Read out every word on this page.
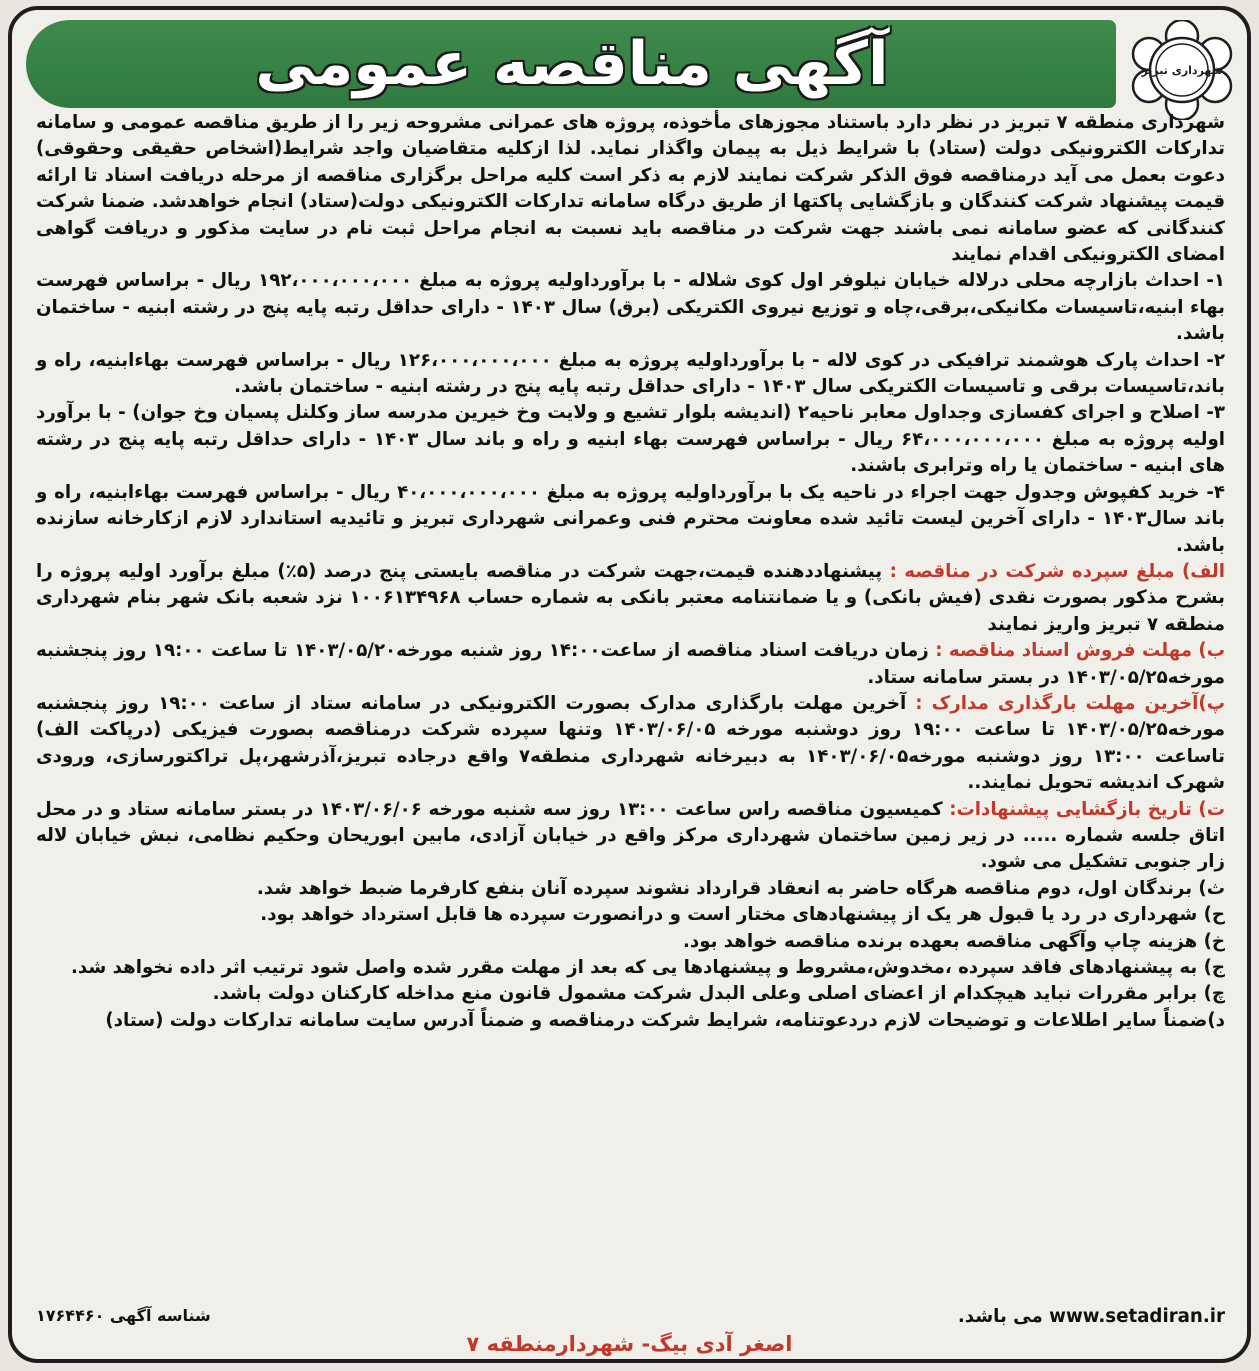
آگهی مناقصه عمومی	شهرداری تبریز

شهرداری منطقه ۷ تبریز در نظر دارد باستناد مجوزهای مأخوذه، پروژه های عمرانی مشروحه زیر را از طریق مناقصه عمومی و سامانه تدارکات الکترونیکی دولت (ستاد) با شرایط ذیل به پیمان واگذار نماید. لذا ازکلیه متقاضیان واجد شرایط(اشخاص حقیقی وحقوقی) دعوت بعمل می آید درمناقصه فوق الذکر شرکت نمایند لازم به ذکر است کلیه مراحل برگزاری مناقصه از مرحله دریافت اسناد تا ارائه قیمت پیشنهاد شرکت کنندگان و بازگشایی پاکتها از طریق درگاه سامانه تدارکات الکترونیکی دولت(ستاد) انجام خواهدشد. ضمنا شرکت کنندگانی که عضو سامانه نمی باشند جهت شرکت در مناقصه باید نسبت به انجام مراحل ثبت نام در سایت مذکور و دریافت گواهی امضای الکترونیکی اقدام نمایند

۱- احداث بازارچه محلی درلاله خیابان نیلوفر اول کوی شلاله - با برآورداولیه پروژه به مبلغ ۱۹۲،۰۰۰،۰۰۰،۰۰۰ ریال - براساس فهرست بهاء ابنیه،تاسیسات مکانیکی،برقی،چاه و توزیع نیروی الکتریکی (برق) سال ۱۴۰۳ - دارای حداقل رتبه پایه پنج در رشته ابنیه - ساختمان باشد.

۲- احداث پارک هوشمند ترافیکی در کوی لاله - با برآورداولیه پروژه به مبلغ ۱۲۶،۰۰۰،۰۰۰،۰۰۰ ریال - براساس فهرست بهاءابنیه، راه و باند،تاسیسات برقی و تاسیسات الکتریکی سال ۱۴۰۳ - دارای حداقل رتبه پایه پنج در رشته ابنیه - ساختمان باشد.

۳- اصلاح و اجرای کفسازی وجداول معابر ناحیه۲ (اندیشه بلوار تشیع و ولایت وخ خیرین مدرسه ساز وکلنل پسیان وخ جوان) - با برآورد اولیه پروژه به مبلغ ۶۴،۰۰۰،۰۰۰،۰۰۰ ریال - براساس فهرست بهاء ابنیه و راه و باند سال ۱۴۰۳ - دارای حداقل رتبه پایه پنج در رشته های ابنیه - ساختمان یا راه وترابری باشند.

۴- خرید کفپوش وجدول جهت اجراء در ناحیه یک با برآورداولیه پروژه به مبلغ ۴۰،۰۰۰،۰۰۰،۰۰۰ ریال - براساس فهرست بهاءابنیه، راه و باند سال۱۴۰۳ - دارای آخرین لیست تائید شده معاونت محترم فنی وعمرانی شهرداری تبریز و تائیدیه استاندارد لازم ازکارخانه سازنده باشد.

الف) مبلغ سپرده شرکت در مناقصه : پیشنهاددهنده قیمت،جهت شرکت در مناقصه بایستی پنج درصد (۵٪) مبلغ برآورد اولیه پروژه را بشرح مذکور بصورت نقدی (فیش بانکی) و یا ضمانتنامه معتبر بانکی به شماره حساب ۱۰۰۶۱۳۴۹۶۸ نزد شعبه بانک شهر بنام شهرداری منطقه ۷ تبریز واریز نمایند

ب) مهلت فروش اسناد مناقصه : زمان دریافت اسناد مناقصه از ساعت۱۴:۰۰ روز شنبه مورخه۱۴۰۳/۰۵/۲۰ تا ساعت ۱۹:۰۰ روز پنجشنبه مورخه۱۴۰۳/۰۵/۲۵ در بستر سامانه ستاد.

پ)آخرین مهلت بارگذاری مدارک : آخرین مهلت بارگذاری مدارک بصورت الکترونیکی در سامانه ستاد از ساعت ۱۹:۰۰ روز پنجشنبه مورخه۱۴۰۳/۰۵/۲۵ تا ساعت ۱۹:۰۰ روز دوشنبه مورخه ۱۴۰۳/۰۶/۰۵ وتنها سپرده شرکت درمناقصه بصورت فیزیکی (درپاکت الف) تاساعت ۱۳:۰۰ روز دوشنبه مورخه۱۴۰۳/۰۶/۰۵ به دبیرخانه شهرداری منطقه۷ واقع درجاده تبریز،آذرشهر،پل تراکتورسازی، ورودی شهرک اندیشه تحویل نمایند..

ت) تاریخ بازگشایی پیشنهادات: کمیسیون مناقصه راس ساعت ۱۳:۰۰ روز سه شنبه مورخه ۱۴۰۳/۰۶/۰۶ در بستر سامانه ستاد و در محل اتاق جلسه شماره ..... در زیر زمین ساختمان شهرداری مرکز واقع در خیابان آزادی، مابین ابوریحان وحکیم نظامی، نبش خیابان لاله زار جنوبی تشکیل می شود.

ث) برندگان اول، دوم مناقصه هرگاه حاضر به انعقاد قرارداد نشوند سپرده آنان بنفع کارفرما ضبط خواهد شد.

ح) شهرداری در رد یا قبول هر یک از پیشنهادهای مختار است و درانصورت سپرده ها قابل استرداد خواهد بود.

خ) هزینه چاپ وآگهی مناقصه بعهده برنده مناقصه خواهد بود.

ج) به پیشنهادهای فاقد سپرده ،مخدوش،مشروط و پیشنهادها یی که بعد از مهلت مقرر شده واصل شود ترتیب اثر داده نخواهد شد.

چ) برابر مقررات نباید هیچکدام از اعضای اصلی وعلی البدل شرکت مشمول قانون منع مداخله کارکنان دولت باشد.

د)ضمناً سایر اطلاعات و توضیحات لازم دردعوتنامه، شرایط شرکت درمناقصه و ضمناً آدرس سایت سامانه تدارکات دولت (ستاد)

www.setadiran.ir می باشد.
شناسه آگهی ۱۷۶۴۴۶۰
اصغر آدی بیگ- شهردارمنطقه ۷
